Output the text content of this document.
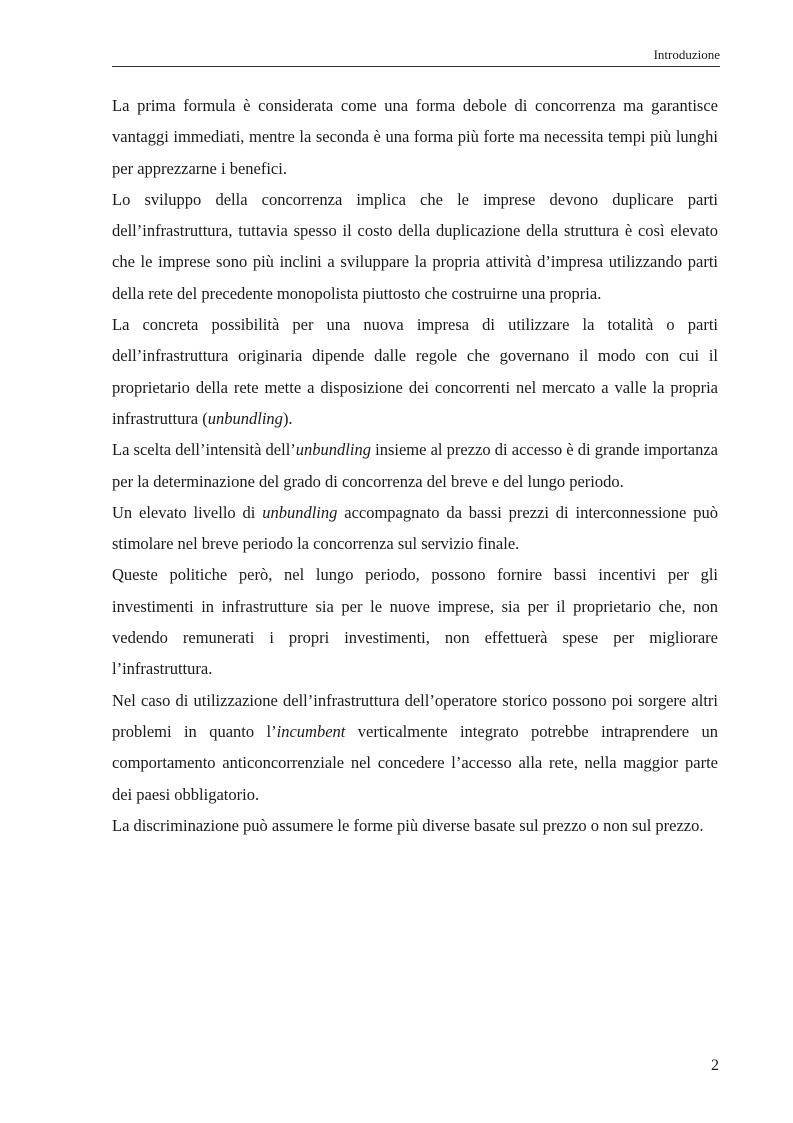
Introduzione

La prima formula è considerata come una forma debole di concorrenza ma garantisce vantaggi immediati, mentre la seconda è una forma più forte ma necessita tempi più lunghi per apprezzarne i benefici.

Lo sviluppo della concorrenza implica che le imprese devono duplicare parti dell’infrastruttura, tuttavia spesso il costo della duplicazione della struttura è così elevato che le imprese sono più inclini a sviluppare la propria attività d’impresa utilizzando parti della rete del precedente monopolista piuttosto che costruirne una propria.

La concreta possibilità per una nuova impresa di utilizzare la totalità o parti dell’infrastruttura originaria dipende dalle regole che governano il modo con cui il proprietario della rete mette a disposizione dei concorrenti nel mercato a valle la propria infrastruttura (unbundling).

La scelta dell’intensità dell’unbundling insieme al prezzo di accesso è di grande importanza per la determinazione del grado di concorrenza del breve e del lungo periodo.

Un elevato livello di unbundling accompagnato da bassi prezzi di interconnessione può stimolare nel breve periodo la concorrenza sul servizio finale.

Queste politiche però, nel lungo periodo, possono fornire bassi incentivi per gli investimenti in infrastrutture sia per le nuove imprese, sia per il proprietario che, non vedendo remunerati i propri investimenti, non effettuerà spese per migliorare l’infrastruttura.

Nel caso di utilizzazione dell’infrastruttura dell’operatore storico possono poi sorgere altri problemi in quanto l’incumbent verticalmente integrato potrebbe intraprendere un comportamento anticoncorrenziale nel concedere l’accesso alla rete, nella maggior parte dei paesi obbligatorio.

La discriminazione può assumere le forme più diverse basate sul prezzo o non sul prezzo.

2
